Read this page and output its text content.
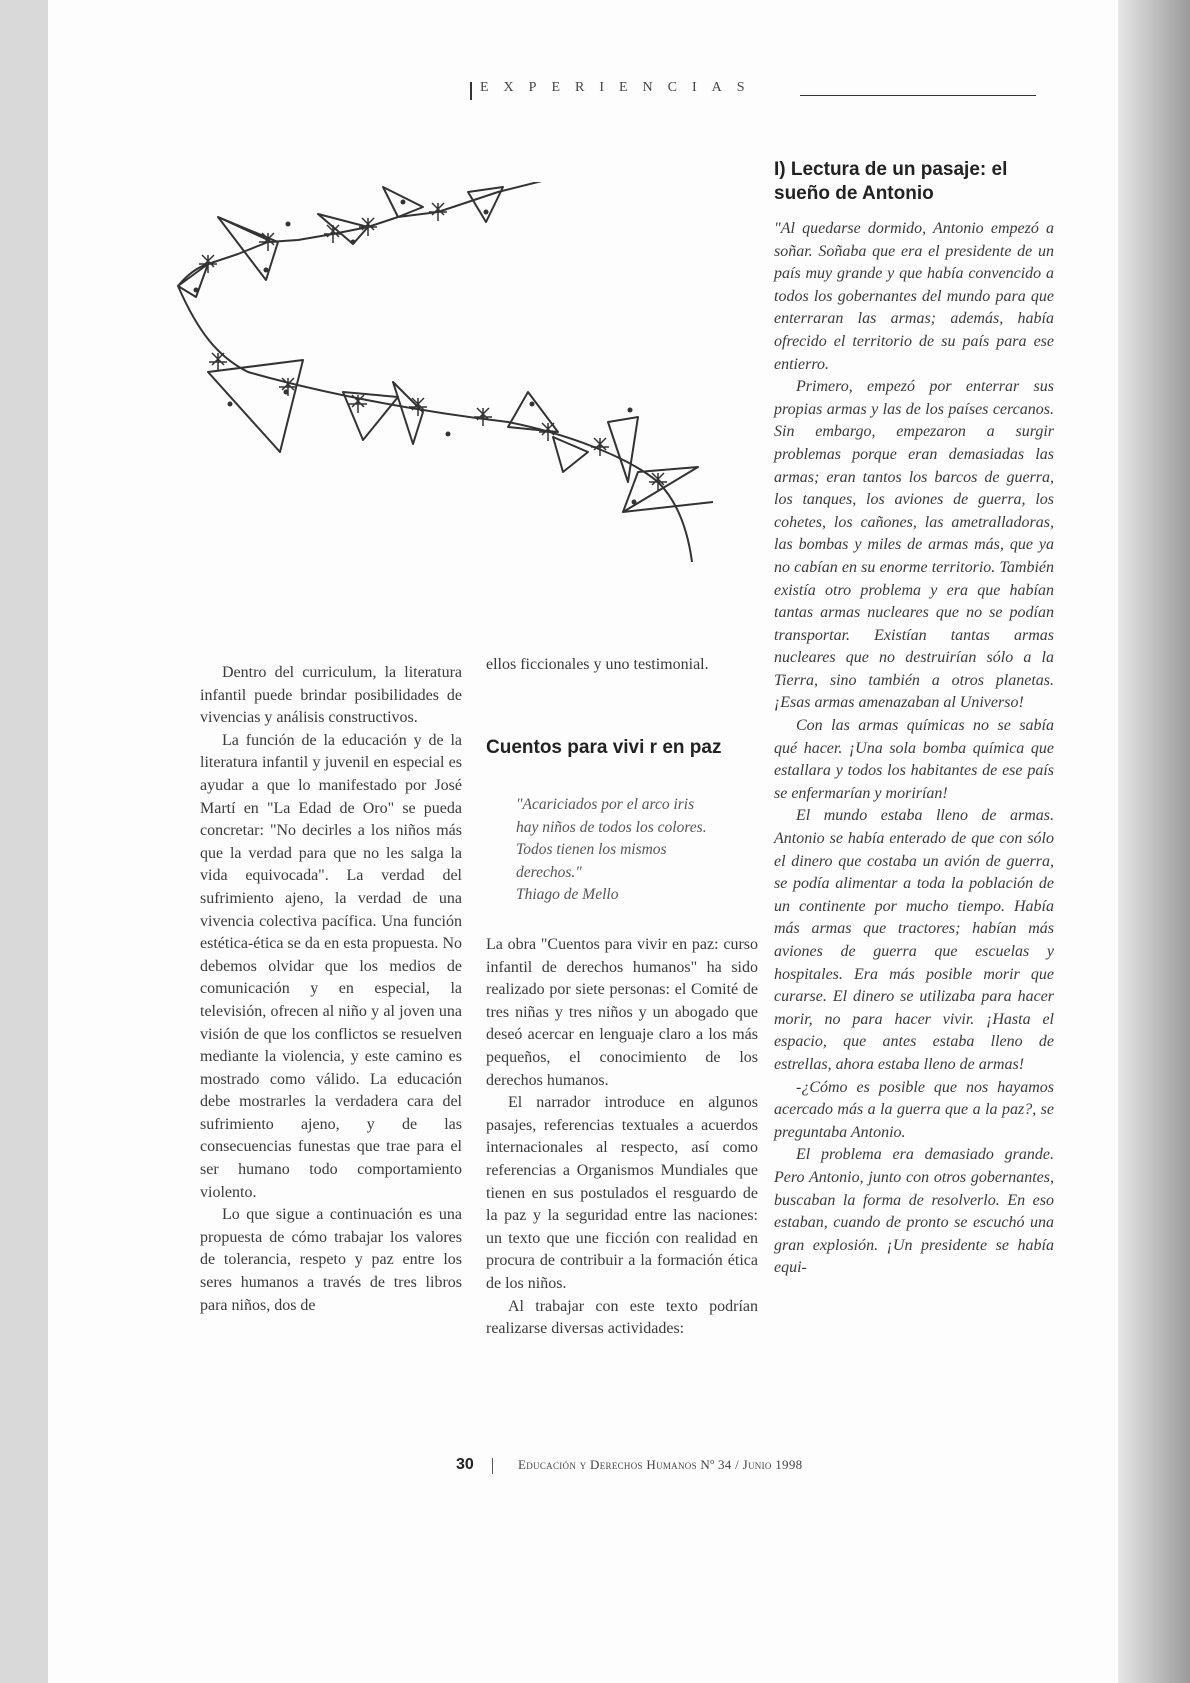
EXPERIENCIAS
I) Lectura de un pasaje: el sueño de Antonio

"Al quedarse dormido, Antonio empezó a soñar. Soñaba que era el presidente de un país muy grande y que había convencido a todos los gobernantes del mundo para que enterraran las armas; además, había ofrecido el territorio de su país para ese entierro.

Primero, empezó por enterrar sus propias armas y las de los países cercanos. Sin embargo, empezaron a surgir problemas porque eran demasiadas las armas; eran tantos los barcos de guerra, los tanques, los aviones de guerra, los cohetes, los cañones, las ametralladoras, las bombas y miles de armas más, que ya no cabían en su enorme territorio. También existía otro problema y era que habían tantas armas nucleares que no se podían transportar. Existían tantas armas nucleares que no destruirían sólo a la Tierra, sino también a otros planetas. ¡Esas armas amenazaban al Universo!

Con las armas químicas no se sabía qué hacer. ¡Una sola bomba química que estallara y todos los habitantes de ese país se enfermarían y morirían!

El mundo estaba lleno de armas. Antonio se había enterado de que con sólo el dinero que costaba un avión de guerra, se podía alimentar a toda la población de un continente por mucho tiempo. Había más armas que tractores; habían más aviones de guerra que escuelas y hospitales. Era más posible morir que curarse. El dinero se utilizaba para hacer morir, no para hacer vivir. ¡Hasta el espacio, que antes estaba lleno de estrellas, ahora estaba lleno de armas!

-¿Cómo es posible que nos hayamos acercado más a la guerra que a la paz?, se preguntaba Antonio.

El problema era demasiado grande. Pero Antonio, junto con otros gobernantes, buscaban la forma de resolverlo. En eso estaban, cuando de pronto se escuchó una gran explosión. ¡Un presidente se había equi-

Dentro del curriculum, la literatura infantil puede brindar posibilidades de vivencias y análisis constructivos.

La función de la educación y de la literatura infantil y juvenil en especial es ayudar a que lo manifestado por José Martí en "La Edad de Oro" se pueda concretar: "No decirles a los niños más que la verdad para que no les salga la vida equivocada". La verdad del sufrimiento ajeno, la verdad de una vivencia colectiva pacífica. Una función estética-ética se da en esta propuesta. No debemos olvidar que los medios de comunicación y en especial, la televisión, ofrecen al niño y al joven una visión de que los conflictos se resuelven mediante la violencia, y este camino es mostrado como válido. La educación debe mostrarles la verdadera cara del sufrimiento ajeno, y de las consecuencias funestas que trae para el ser humano todo comportamiento violento.

Lo que sigue a continuación es una propuesta de cómo trabajar los valores de tolerancia, respeto y paz entre los seres humanos a través de tres libros para niños, dos de

ellos ficcionales y uno testimonial.

Cuentos para vivi r en paz
"Acariciados por el arco iris
hay niños de todos los colores.
Todos tienen los mismos
derechos."
Thiago de Mello

La obra "Cuentos para vivir en paz: curso infantil de derechos humanos" ha sido realizado por siete personas: el Comité de tres niñas y tres niños y un abogado que deseó acercar en lenguaje claro a los más pequeños, el conocimiento de los derechos humanos.

El narrador introduce en algunos pasajes, referencias textuales a acuerdos internacionales al respecto, así como referencias a Organismos Mundiales que tienen en sus postulados el resguardo de la paz y la seguridad entre las naciones: un texto que une ficción con realidad en procura de contribuir a la formación ética de los niños.

Al trabajar con este texto podrían realizarse diversas actividades:

30	Educación y Derechos Humanos Nº 34 / Junio 1998
